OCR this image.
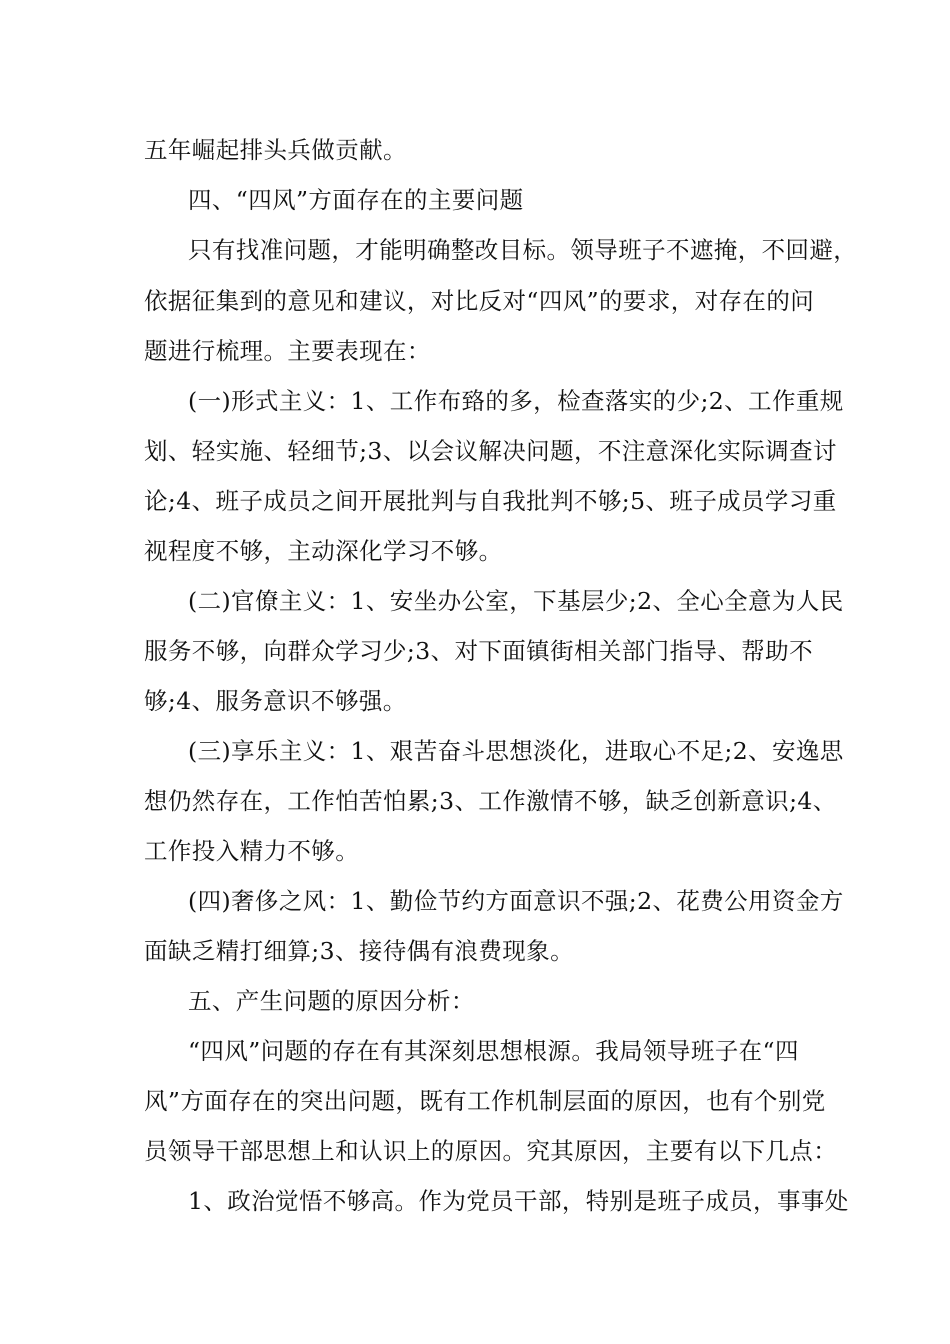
五年崛起排头兵做贡献。
四、“四风”方面存在的主要问题
只有找准问题，才能明确整改目标。领导班子不遮掩，不回避，
依据征集到的意见和建议，对比反对“四风”的要求，对存在的问
题进行梳理。主要表现在：
(一)形式主义：1、工作布臵的多，检查落实的少;2、工作重规
划、轻实施、轻细节;3、以会议解决问题，不注意深化实际调查讨
论;4、班子成员之间开展批判与自我批判不够;5、班子成员学习重
视程度不够，主动深化学习不够。
(二)官僚主义：1、安坐办公室，下基层少;2、全心全意为人民
服务不够，向群众学习少;3、对下面镇街相关部门指导、帮助不
够;4、服务意识不够强。
(三)享乐主义：1、艰苦奋斗思想淡化，进取心不足;2、安逸思
想仍然存在，工作怕苦怕累;3、工作激情不够，缺乏创新意识;4、
工作投入精力不够。
(四)奢侈之风：1、勤俭节约方面意识不强;2、花费公用资金方
面缺乏精打细算;3、接待偶有浪费现象。
五、产生问题的原因分析：
“四风”问题的存在有其深刻思想根源。我局领导班子在“四
风”方面存在的突出问题，既有工作机制层面的原因，也有个别党
员领导干部思想上和认识上的原因。究其原因，主要有以下几点：
1、政治觉悟不够高。作为党员干部，特别是班子成员，事事处
